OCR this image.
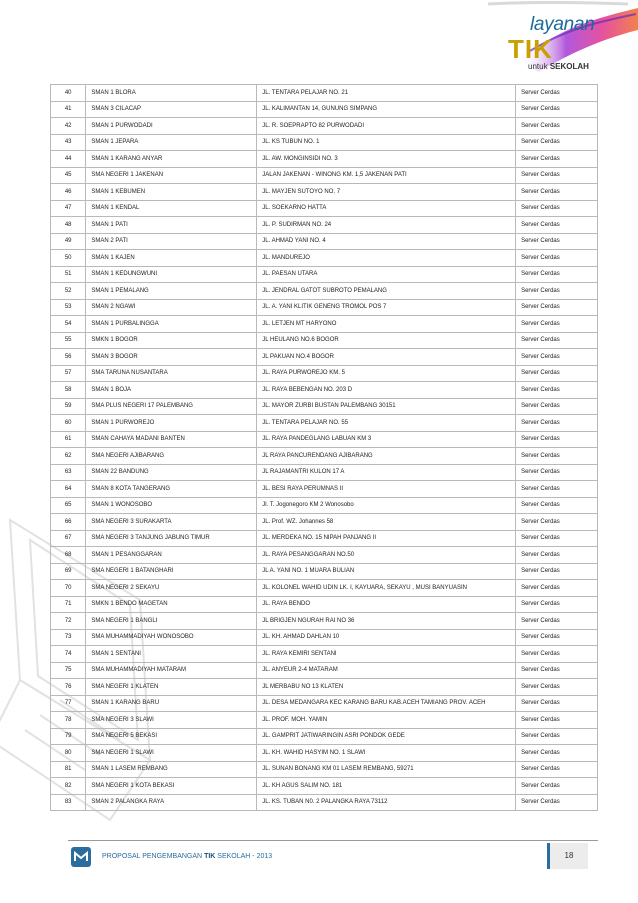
layanan
TIK
untuk SEKOLAH
40	SMAN 1 BLORA	JL. TENTARA PELAJAR NO. 21	Server Cerdas
41	SMAN 3 CILACAP	JL. KALIMANTAN 14, GUNUNG SIMPANG	Server Cerdas
42	SMAN 1 PURWODADI	JL. R. SOEPRAPTO 82 PURWODADI	Server Cerdas
43	SMAN 1 JEPARA	JL. KS TUBUN NO. 1	Server Cerdas
44	SMAN 1 KARANG ANYAR	JL. AW. MONGINSIDI NO. 3	Server Cerdas
45	SMA NEGERI 1 JAKENAN	JALAN JAKENAN - WINONG KM. 1,5 JAKENAN PATI	Server Cerdas
46	SMAN 1 KEBUMEN	JL. MAYJEN SUTOYO NO. 7	Server Cerdas
47	SMAN 1 KENDAL	JL. SOEKARNO HATTA	Server Cerdas
48	SMAN 1 PATI	JL. P. SUDIRMAN NO. 24	Server Cerdas
49	SMAN 2 PATI	JL. AHMAD YANI NO. 4	Server Cerdas
50	SMAN 1 KAJEN	JL. MANDUREJO	Server Cerdas
51	SMAN 1 KEDUNGWUNI	JL. PAESAN UTARA	Server Cerdas
52	SMAN 1 PEMALANG	JL. JENDRAL GATOT SUBROTO PEMALANG	Server Cerdas
53	SMAN 2 NGAWI	JL. A. YANI KLITIK GENENG TROMOL POS 7	Server Cerdas
54	SMAN 1 PURBALINGGA	JL. LETJEN MT HARYONO	Server Cerdas
55	SMKN 1 BOGOR	JL HEULANG NO.6 BOGOR	Server Cerdas
56	SMAN 3 BOGOR	JL PAKUAN NO.4 BOGOR	Server Cerdas
57	SMA TARUNA NUSANTARA	JL. RAYA PURWOREJO KM. 5	Server Cerdas
58	SMAN 1 BOJA	JL. RAYA BEBENGAN NO. 203 D	Server Cerdas
59	SMA PLUS NEGERI 17 PALEMBANG	JL. MAYOR ZURBI BUSTAN PALEMBANG 30151	Server Cerdas
60	SMAN 1 PURWOREJO	JL. TENTARA PELAJAR NO. 55	Server Cerdas
61	SMAN CAHAYA MADANI BANTEN	JL. RAYA PANDEGLANG LABUAN KM 3	Server Cerdas
62	SMA NEGERI AJIBARANG	JL RAYA PANCURENDANG AJIBARANG	Server Cerdas
63	SMAN 22 BANDUNG	JL RAJAMANTRI KULON 17 A	Server Cerdas
64	SMAN 8 KOTA TANGERANG	JL. BESI RAYA PERUMNAS II	Server Cerdas
65	SMAN 1 WONOSOBO	Jl. T. Jogonegoro KM 2 Wonosobo	Server Cerdas
66	SMA NEGERI 3 SURAKARTA	JL. Prof. WZ. Johannes 58	Server Cerdas
67	SMA NEGERI 3 TANJUNG JABUNG TIMUR	JL. MERDEKA NO. 15 NIPAH PANJANG II	Server Cerdas
68	SMAN 1 PESANGGARAN	JL. RAYA PESANGGARAN NO.50	Server Cerdas
69	SMA NEGERI 1 BATANGHARI	JL A. YANI NO. 1 MUARA BULIAN	Server Cerdas
70	SMA NEGERI 2 SEKAYU	JL. KOLONEL WAHID UDIN LK. I, KAYUARA, SEKAYU , MUSI BANYUASIN	Server Cerdas
71	SMKN 1 BENDO MAGETAN	JL. RAYA BENDO	Server Cerdas
72	SMA NEGERI 1 BANGLI	JL BRIGJEN NGURAH RAI NO 36	Server Cerdas
73	SMA MUHAMMADIYAH WONOSOBO	JL. KH. AHMAD DAHLAN 10	Server Cerdas
74	SMAN 1 SENTANI	JL. RAYA KEMIRI SENTANI	Server Cerdas
75	SMA MUHAMMADIYAH MATARAM	JL. ANYEUR 2-4 MATARAM	Server Cerdas
76	SMA NEGERI 1 KLATEN	JL MERBABU NO 13 KLATEN	Server Cerdas
77	SMAN 1 KARANG BARU	JL. DESA MEDANGARA KEC KARANG BARU KAB.ACEH TAMIANG PROV. ACEH	Server Cerdas
78	SMA NEGERI 3 SLAWI	JL. PROF. MOH. YAMIN	Server Cerdas
79	SMA NEGERI 5 BEKASI	JL. GAMPRIT JATIWARINGIN ASRI PONDOK GEDE	Server Cerdas
80	SMA NEGERI 1 SLAWI	JL. KH. WAHID HASYIM NO. 1 SLAWI	Server Cerdas
81	SMAN 1 LASEM REMBANG	JL. SUNAN BONANG KM 01 LASEM REMBANG, 59271	Server Cerdas
82	SMA NEGERI 1 KOTA BEKASI	JL. KH AGUS SALIM NO. 181	Server Cerdas
83	SMAN 2 PALANGKA RAYA	JL. KS. TUBAN N0. 2 PALANGKA RAYA 73112	Server Cerdas
PROPOSAL PENGEMBANGAN TIK SEKOLAH - 2013	18
